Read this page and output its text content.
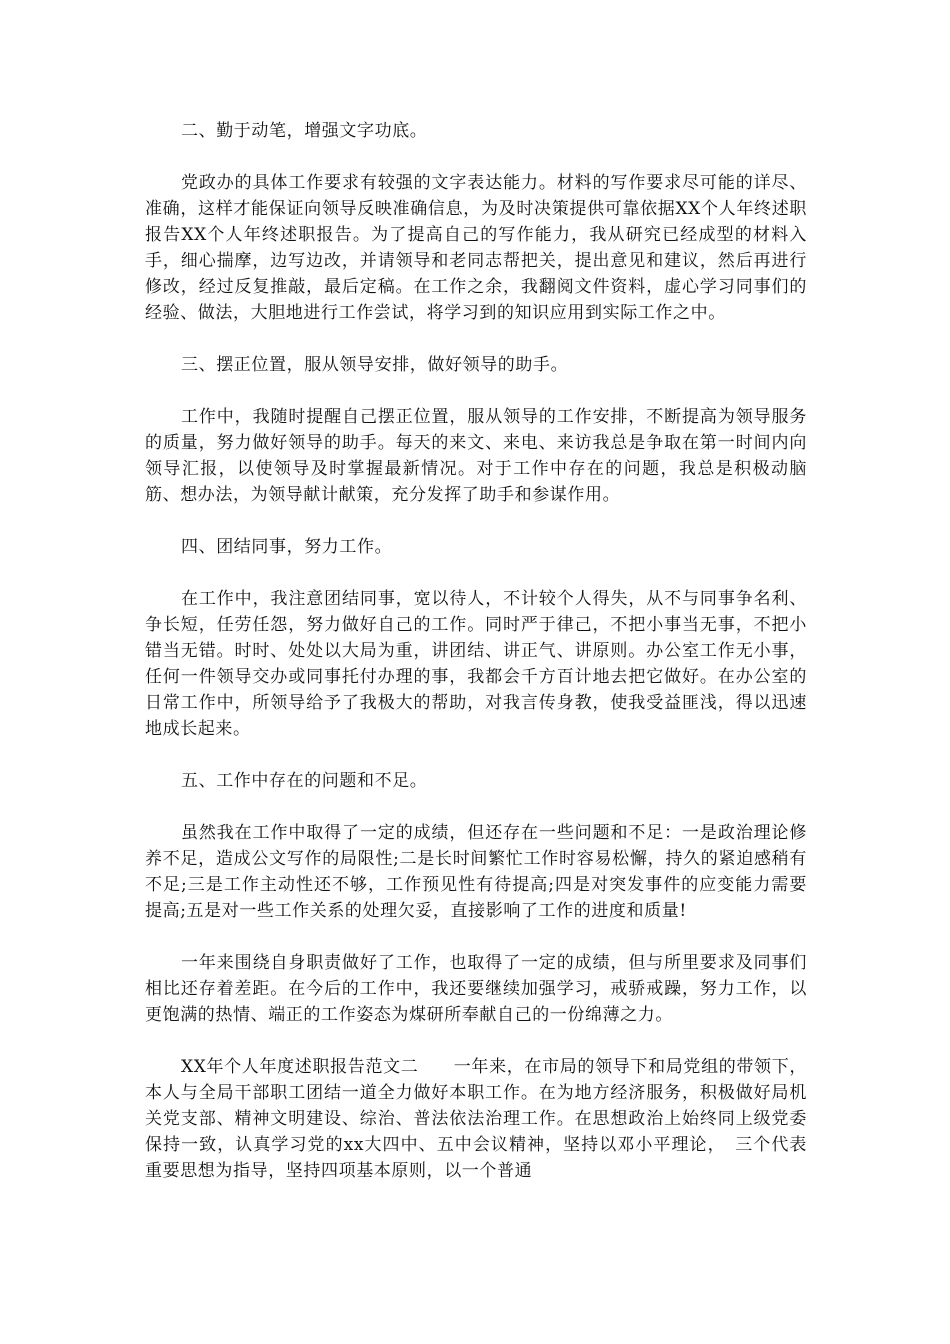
二、勤于动笔，增强文字功底。

党政办的具体工作要求有较强的文字表达能力。材料的写作要求尽可能的详尽、准确，这样才能保证向领导反映准确信息，为及时决策提供可靠依据XX个人年终述职报告XX个人年终述职报告。为了提高自己的写作能力，我从研究已经成型的材料入手，细心揣摩，边写边改，并请领导和老同志帮把关，提出意见和建议，然后再进行修改，经过反复推敲，最后定稿。在工作之余，我翻阅文件资料，虚心学习同事们的经验、做法，大胆地进行工作尝试，将学习到的知识应用到实际工作之中。

三、摆正位置，服从领导安排，做好领导的助手。

工作中，我随时提醒自己摆正位置，服从领导的工作安排，不断提高为领导服务的质量，努力做好领导的助手。每天的来文、来电、来访我总是争取在第一时间内向领导汇报，以使领导及时掌握最新情况。对于工作中存在的问题，我总是积极动脑筋、想办法，为领导献计献策，充分发挥了助手和参谋作用。

四、团结同事，努力工作。

在工作中，我注意团结同事，宽以待人，不计较个人得失，从不与同事争名利、争长短，任劳任怨，努力做好自己的工作。同时严于律己，不把小事当无事，不把小错当无错。时时、处处以大局为重，讲团结、讲正气、讲原则。办公室工作无小事，任何一件领导交办或同事托付办理的事，我都会千方百计地去把它做好。在办公室的日常工作中，所领导给予了我极大的帮助，对我言传身教，使我受益匪浅，得以迅速地成长起来。

五、工作中存在的问题和不足。

虽然我在工作中取得了一定的成绩，但还存在一些问题和不足：一是政治理论修养不足，造成公文写作的局限性;二是长时间繁忙工作时容易松懈，持久的紧迫感稍有不足;三是工作主动性还不够，工作预见性有待提高;四是对突发事件的应变能力需要提高;五是对一些工作关系的处理欠妥，直接影响了工作的进度和质量!

一年来围绕自身职责做好了工作，也取得了一定的成绩，但与所里要求及同事们相比还存着差距。在今后的工作中，我还要继续加强学习，戒骄戒躁，努力工作，以更饱满的热情、端正的工作姿态为煤研所奉献自己的一份绵薄之力。

XX年个人年度述职报告范文二　　一年来，在市局的领导下和局党组的带领下，本人与全局干部职工团结一道全力做好本职工作。在为地方经济服务，积极做好局机关党支部、精神文明建设、综治、普法依法治理工作。在思想政治上始终同上级党委保持一致，认真学习党的xx大四中、五中会议精神，坚持以邓小平理论，　三个代表　重要思想为指导，坚持四项基本原则，以一个普通
